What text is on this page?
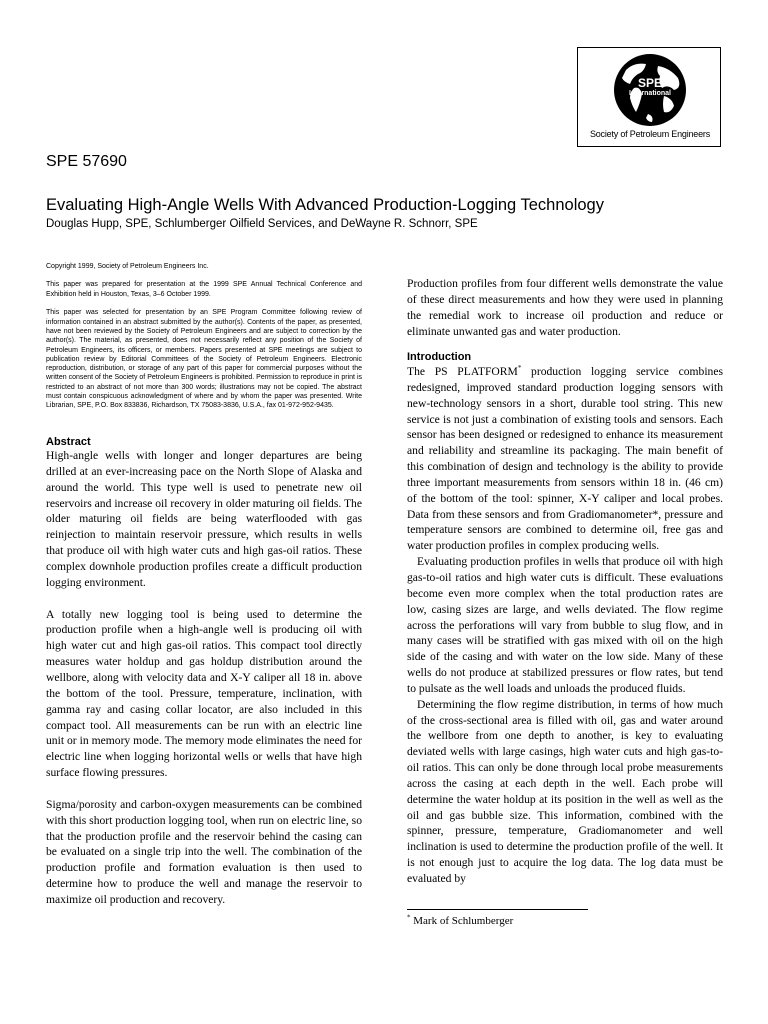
SPE
International
Society of Petroleum Engineers
SPE 57690
Evaluating High-Angle Wells With Advanced Production-Logging Technology
Douglas Hupp, SPE, Schlumberger Oilfield Services, and DeWayne R. Schnorr, SPE

Copyright 1999, Society of Petroleum Engineers Inc.

This paper was prepared for presentation at the 1999 SPE Annual Technical Conference and Exhibition held in Houston, Texas, 3–6 October 1999.

This paper was selected for presentation by an SPE Program Committee following review of information contained in an abstract submitted by the author(s). Contents of the paper, as presented, have not been reviewed by the Society of Petroleum Engineers and are subject to correction by the author(s). The material, as presented, does not necessarily reflect any position of the Society of Petroleum Engineers, its officers, or members. Papers presented at SPE meetings are subject to publication review by Editorial Committees of the Society of Petroleum Engineers. Electronic reproduction, distribution, or storage of any part of this paper for commercial purposes without the written consent of the Society of Petroleum Engineers is prohibited. Permission to reproduce in print is restricted to an abstract of not more than 300 words; illustrations may not be copied. The abstract must contain conspicuous acknowledgment of where and by whom the paper was presented. Write Librarian, SPE, P.O. Box 833836, Richardson, TX 75083-3836, U.S.A., fax 01-972-952-9435.

Abstract

High-angle wells with longer and longer departures are being drilled at an ever-increasing pace on the North Slope of Alaska and around the world. This type well is used to penetrate new oil reservoirs and increase oil recovery in older maturing oil fields. The older maturing oil fields are being waterflooded with gas reinjection to maintain reservoir pressure, which results in wells that produce oil with high water cuts and high gas-oil ratios. These complex downhole production profiles create a difficult production logging environment.

A totally new logging tool is being used to determine the production profile when a high-angle well is producing oil with high water cut and high gas-oil ratios. This compact tool directly measures water holdup and gas holdup distribution around the wellbore, along with velocity data and X-Y caliper all 18 in. above the bottom of the tool. Pressure, temperature, inclination, with gamma ray and casing collar locator, are also included in this compact tool. All measurements can be run with an electric line unit or in memory mode. The memory mode eliminates the need for electric line when logging horizontal wells or wells that have high surface flowing pressures.

Sigma/porosity and carbon-oxygen measurements can be combined with this short production logging tool, when run on electric line, so that the production profile and the reservoir behind the casing can be evaluated on a single trip into the well. The combination of the production profile and formation evaluation is then used to determine how to produce the well and manage the reservoir to maximize oil production and recovery.

Production profiles from four different wells demonstrate the value of these direct measurements and how they were used in planning the remedial work to increase oil production and reduce or eliminate unwanted gas and water production.

Introduction

The PS PLATFORM* production logging service combines redesigned, improved standard production logging sensors with new-technology sensors in a short, durable tool string. This new service is not just a combination of existing tools and sensors. Each sensor has been designed or redesigned to enhance its measurement and reliability and streamline its packaging. The main benefit of this combination of design and technology is the ability to provide three important measurements from sensors within 18 in. (46 cm) of the bottom of the tool: spinner, X-Y caliper and local probes. Data from these sensors and from Gradiomanometer*, pressure and temperature sensors are combined to determine oil, free gas and water production profiles in complex producing wells.

Evaluating production profiles in wells that produce oil with high gas-to-oil ratios and high water cuts is difficult. These evaluations become even more complex when the total production rates are low, casing sizes are large, and wells deviated. The flow regime across the perforations will vary from bubble to slug flow, and in many cases will be stratified with gas mixed with oil on the high side of the casing and with water on the low side. Many of these wells do not produce at stabilized pressures or flow rates, but tend to pulsate as the well loads and unloads the produced fluids.

Determining the flow regime distribution, in terms of how much of the cross-sectional area is filled with oil, gas and water around the wellbore from one depth to another, is key to evaluating deviated wells with large casings, high water cuts and high gas-to-oil ratios. This can only be done through local probe measurements across the casing at each depth in the well. Each probe will determine the water holdup at its position in the well as well as the oil and gas bubble size. This information, combined with the spinner, pressure, temperature, Gradiomanometer and well inclination is used to determine the production profile of the well. It is not enough just to acquire the log data. The log data must be evaluated by

* Mark of Schlumberger
